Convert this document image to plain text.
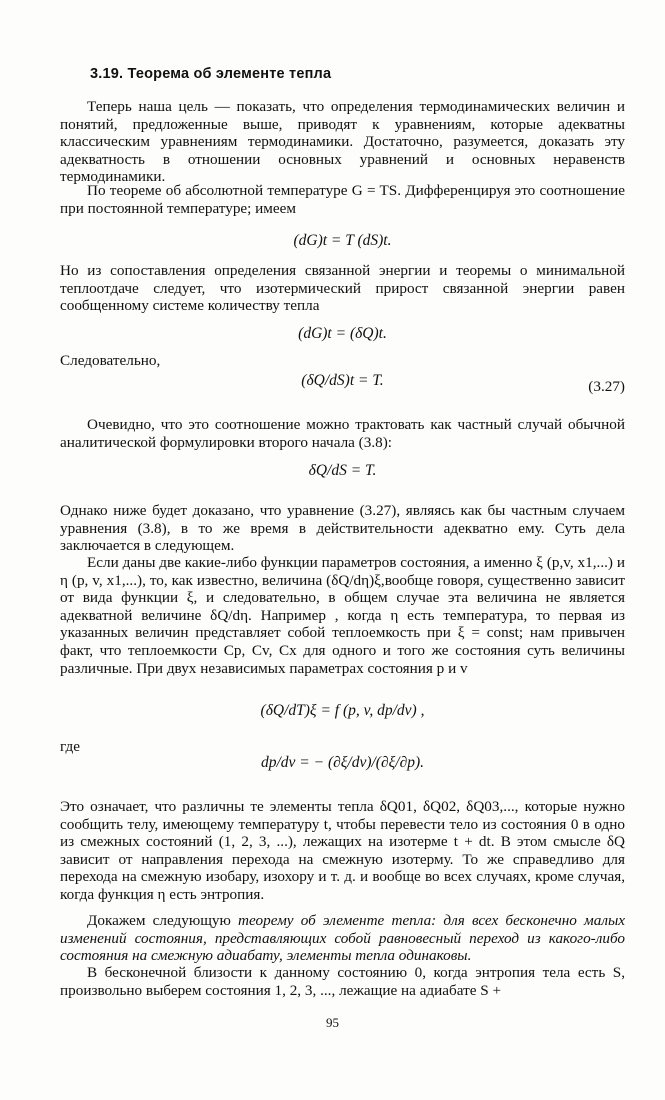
3.19. Теорема об элементе тепла
Теперь наша цель — показать, что определения термодинамических величин и понятий, предложенные выше, приводят к уравнениям, которые адекватны классическим уравнениям термодинамики. Достаточно, разумеется, доказать эту адекватность в отношении основных уравнений и основных неравенств термодинамики.
По теореме об абсолютной температуре G = TS. Дифференцируя это соотношение при постоянной температуре; имеем
(dG)t = T (dS)t.
Но из сопоставления определения связанной энергии и теоремы о минимальной теплоотдаче следует, что изотермический прирост связанной энергии равен сообщенному системе количеству тепла
(dG)t = (δQ)t.
Следовательно,
(δQ/dS)t = T.	(3.27)
Очевидно, что это соотношение можно трактовать как частный случай обычной аналитической формулировки второго начала (3.8):
δQ/dS = T.
Однако ниже будет доказано, что уравнение (3.27), являясь как бы частным случаем уравнения (3.8), в то же время в действительности адекватно ему. Суть дела заключается в следующем.
Если даны две какие-либо функции параметров состояния, а именно ξ (p,v, x1,...) и η (p, v, x1,...), то, как известно, величина (δQ/dη)ξ,вообще говоря, существенно зависит от вида функции ξ, и следовательно, в общем случае эта величина не является адекватной величине δQ/dη. Например , когда η есть температура, то первая из указанных величин представляет собой теплоемкость при ξ = const; нам привычен факт, что теплоемкости Cp, Cv, Cx для одного и того же состояния суть величины различные. При двух независимых параметрах состояния p и v
(δQ/dT)ξ = f (p, v, dp/dv) ,
где
dp/dv = − (∂ξ/dv)/(∂ξ/∂p).
Это означает, что различны те элементы тепла δQ01, δQ02, δQ03,..., которые нужно сообщить телу, имеющему температуру t, чтобы перевести тело из состояния 0 в одно из смежных состояний (1, 2, 3, ...), лежащих на изотерме t + dt. В этом смысле δQ зависит от направления перехода на смежную изотерму. То же справедливо для перехода на смежную изобару, изохору и т. д. и вообще во всех случаях, кроме случая, когда функция η есть энтропия.
Докажем следующую теорему об элементе тепла: для всех бесконечно малых изменений состояния, представляющих собой равновесный переход из какого-либо состояния на смежную адиабату, элементы тепла одинаковы.
В бесконечной близости к данному состоянию 0, когда энтропия тела есть S, произвольно выберем состояния 1, 2, 3, ..., лежащие на адиабате S +
95
